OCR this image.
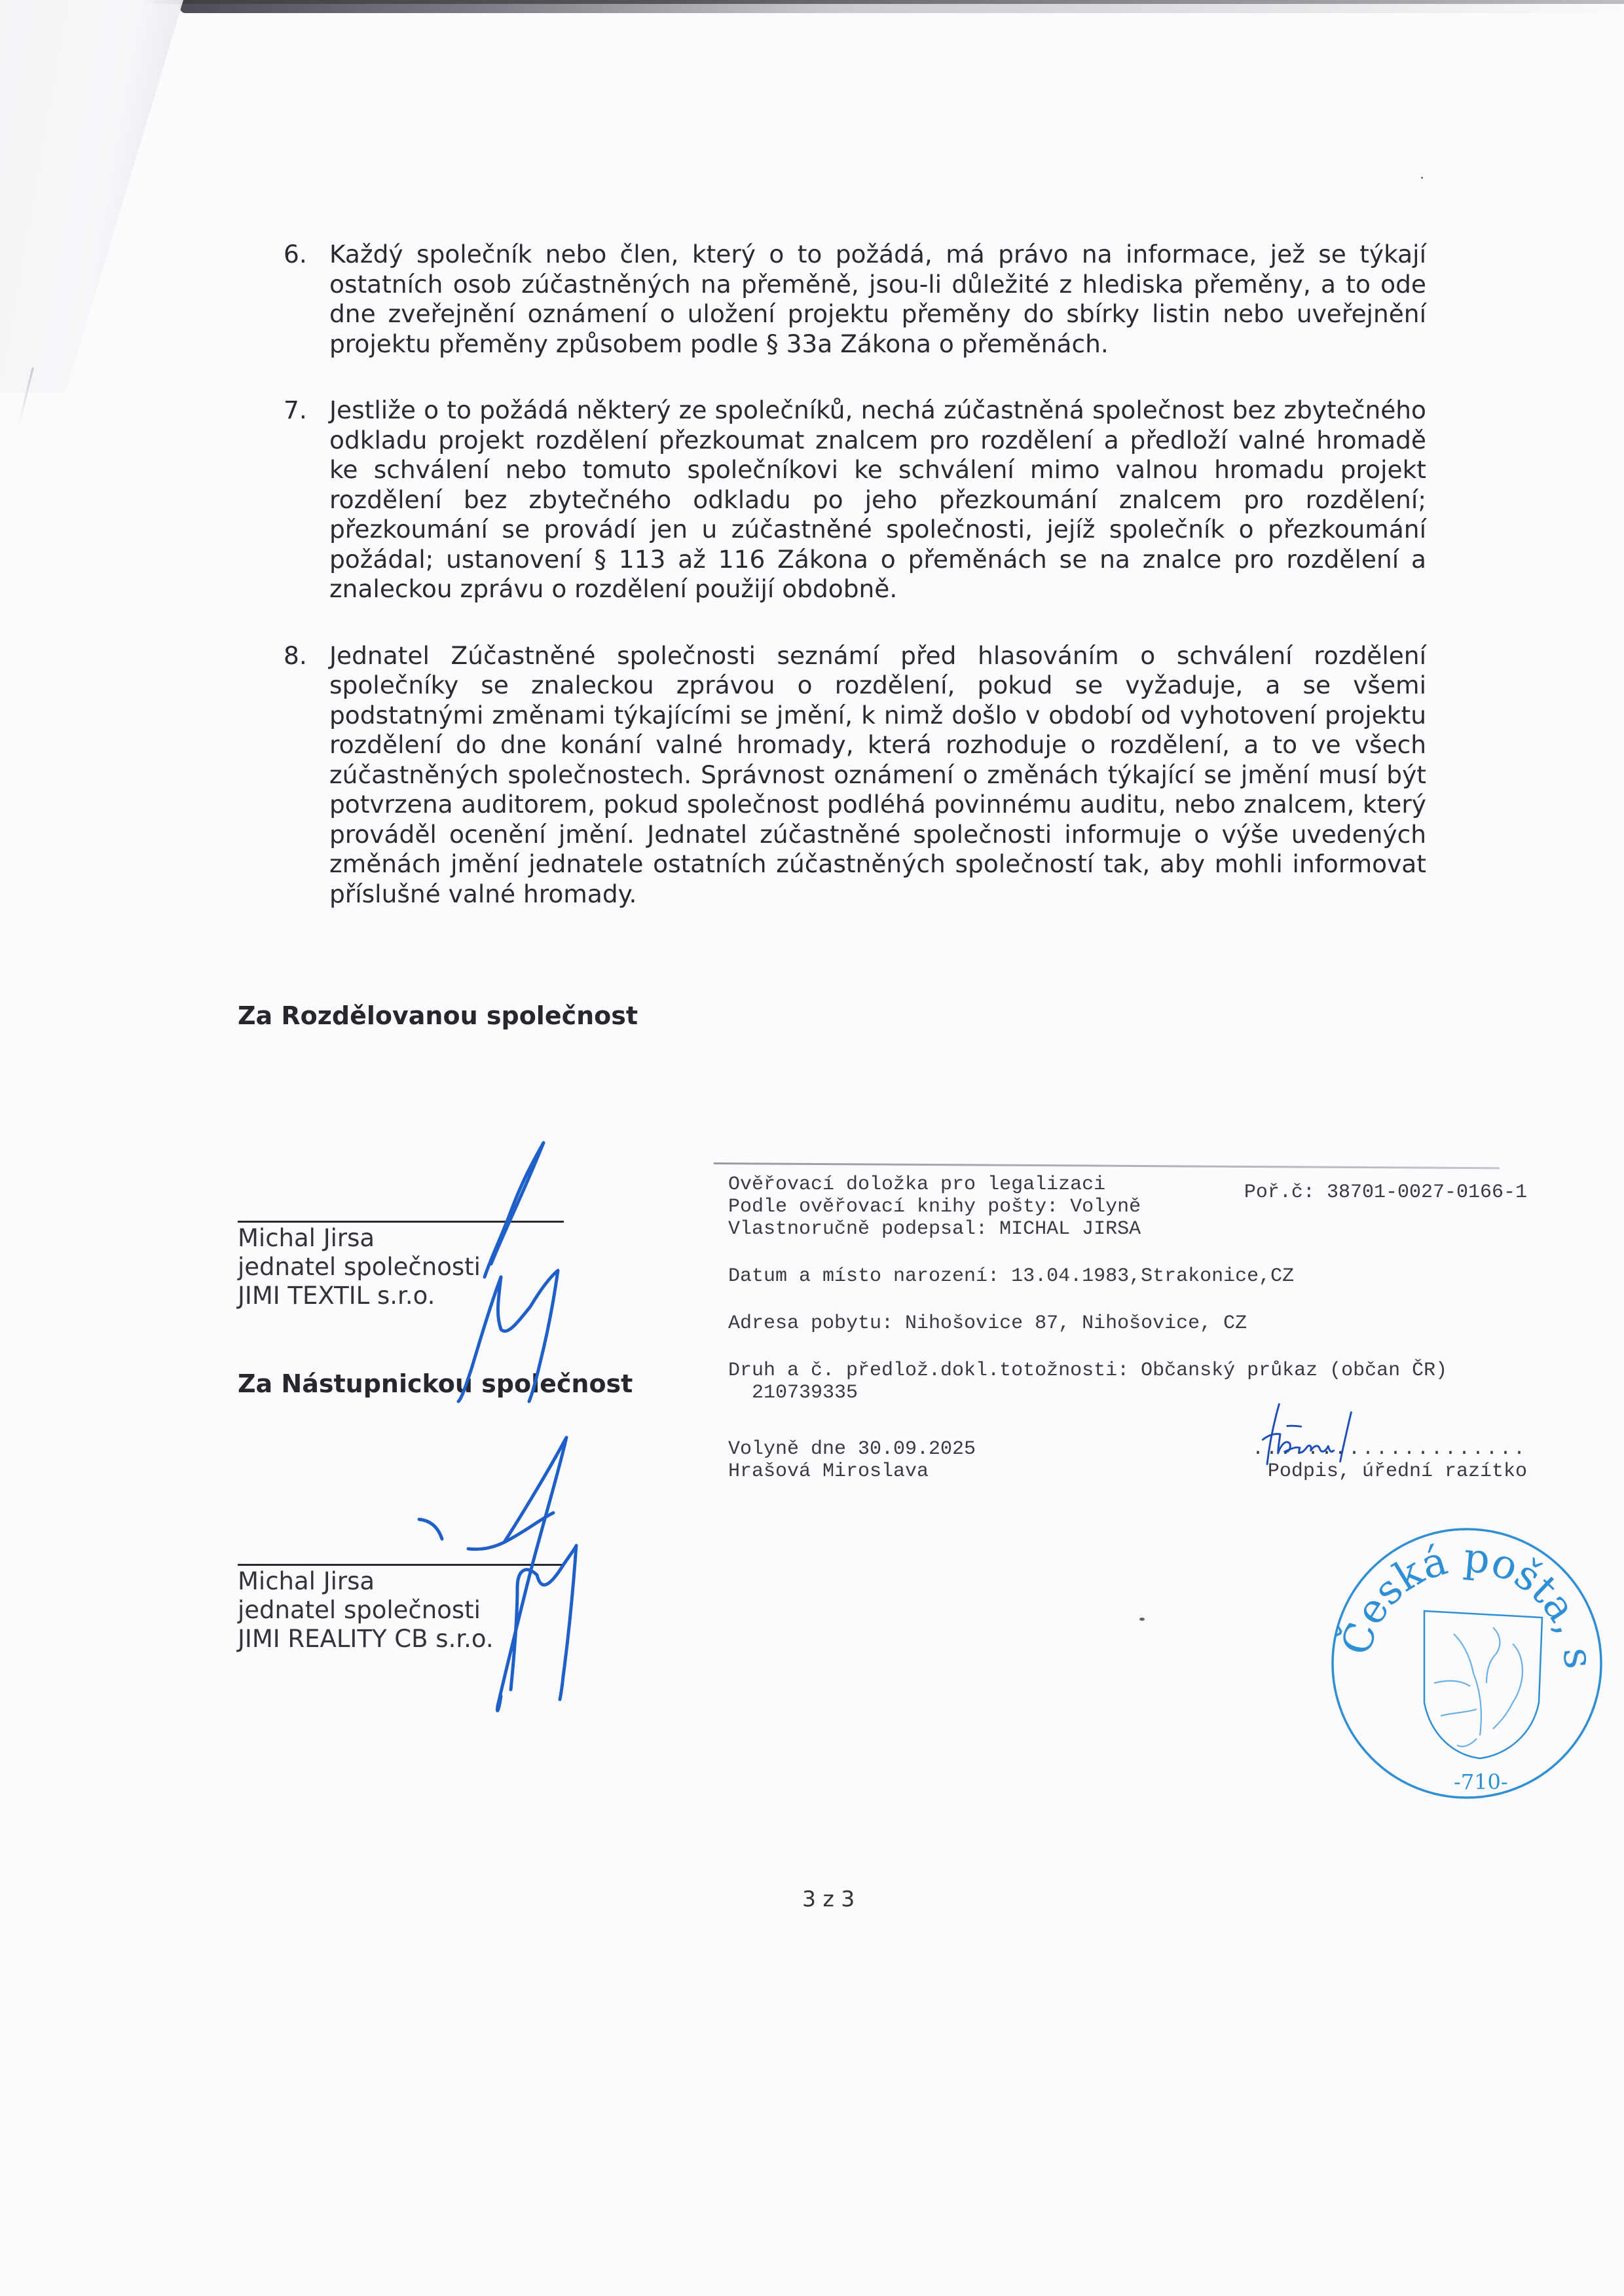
6. Každý společník nebo člen, který o to požádá, má právo na informace, jež se týkají ostatních osob zúčastněných na přeměně, jsou-li důležité z hlediska přeměny, a to ode dne zveřejnění oznámení o uložení projektu přeměny do sbírky listin nebo uveřejnění projektu přeměny způsobem podle § 33a Zákona o přeměnách.
7. Jestliže o to požádá některý ze společníků, nechá zúčastněná společnost bez zbytečného odkladu projekt rozdělení přezkoumat znalcem pro rozdělení a předloží valné hromadě ke schválení nebo tomuto společníkovi ke schválení mimo valnou hromadu projekt rozdělení bez zbytečného odkladu po jeho přezkoumání znalcem pro rozdělení; přezkoumání se provádí jen u zúčastněné společnosti, jejíž společník o přezkoumání požádal; ustanovení § 113 až 116 Zákona o přeměnách se na znalce pro rozdělení a znaleckou zprávu o rozdělení použijí obdobně.
8. Jednatel Zúčastněné společnosti seznámí před hlasováním o schválení rozdělení společníky se znaleckou zprávou o rozdělení, pokud se vyžaduje, a se všemi podstatnými změnami týkajícími se jmění, k nimž došlo v období od vyhotovení projektu rozdělení do dne konání valné hromady, která rozhoduje o rozdělení, a to ve všech zúčastněných společnostech. Správnost oznámení o změnách týkající se jmění musí být potvrzena auditorem, pokud společnost podléhá povinnému auditu, nebo znalcem, který prováděl ocenění jmění. Jednatel zúčastněné společnosti informuje o výše uvedených změnách jmění jednatele ostatních zúčastněných společností tak, aby mohli informovat příslušné valné hromady.
Za Rozdělovanou společnost
Michal Jirsa
jednatel společnosti
JIMI TEXTIL s.r.o.
Za Nástupnickou společnost
Michal Jirsa
jednatel společnosti
JIMI REALITY CB s.r.o.
Ověřovací doložka pro legalizaci
Podle ověřovací knihy pošty: Volyně
Vlastnoručně podepsal: MICHAL JIRSA
Poř.č: 38701-0027-0166-1
Datum a místo narození: 13.04.1983,Strakonice,CZ
Adresa pobytu: Nihošovice 87, Nihošovice, CZ
Druh a č. předlož.dokl.totožnosti: Občanský průkaz (občan ČR)
210739335
Volyně dne 30.09.2025
Hrašová Miroslava
....................
Podpis, úřední razítko
Česká pošta, s.p.
-710-
3 z 3
